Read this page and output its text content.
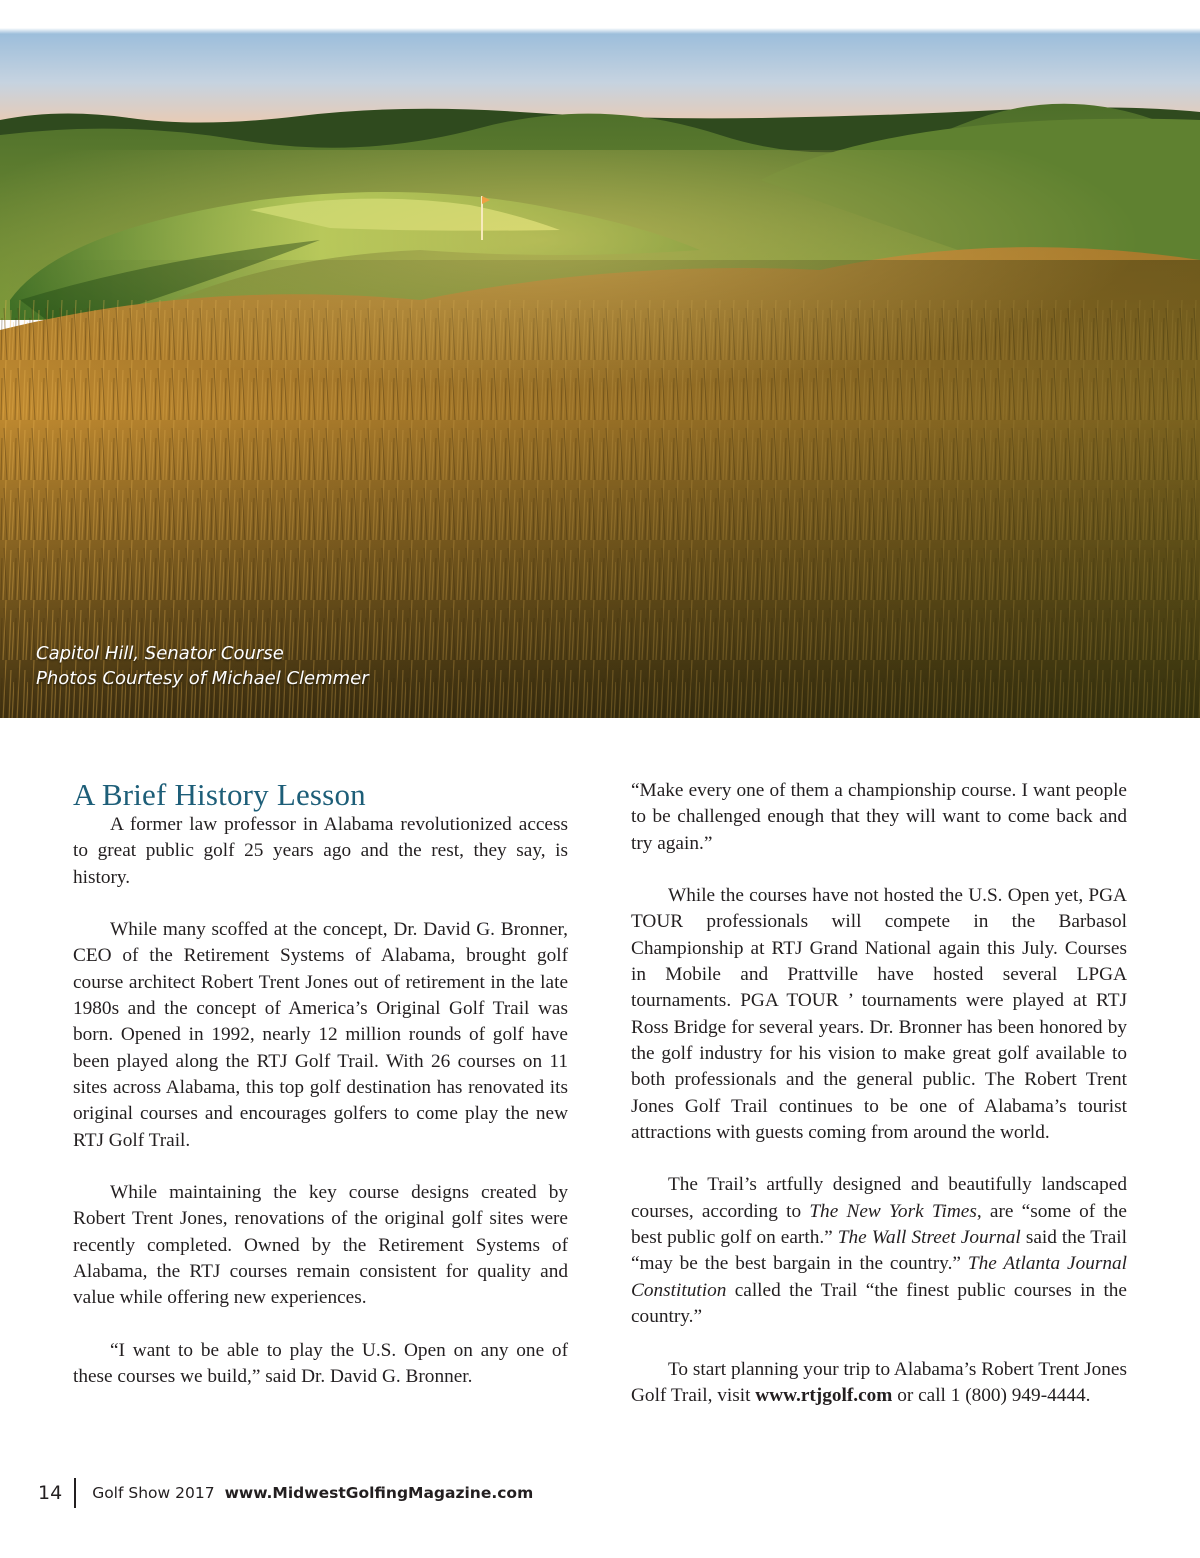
Capitol Hill, Senator Course
Photos Courtesy of Michael Clemmer
A Brief History Lesson

A former law professor in Alabama revolutionized access to great public golf 25 years ago and the rest, they say, is history.

While many scoffed at the concept, Dr. David G. Bronner, CEO of the Retirement Systems of Alabama, brought golf course architect Robert Trent Jones out of retirement in the late 1980s and the concept of America’s Original Golf Trail was born. Opened in 1992, nearly 12 million rounds of golf have been played along the RTJ Golf Trail. With 26 courses on 11 sites across Alabama, this top golf destination has renovated its original courses and encourages golfers to come play the new RTJ Golf Trail.

While maintaining the key course designs created by Robert Trent Jones, renovations of the original golf sites were recently completed. Owned by the Retirement Systems of Alabama, the RTJ courses remain consistent for quality and value while offering new experiences.

“I want to be able to play the U.S. Open on any one of these courses we build,” said Dr. David G. Bronner.

“Make every one of them a championship course. I want people to be challenged enough that they will want to come back and try again.”

While the courses have not hosted the U.S. Open yet, PGA TOUR professionals will compete in the Barbasol Championship at RTJ Grand National again this July. Courses in Mobile and Prattville have hosted several LPGA tournaments. PGA TOUR ’ tournaments were played at RTJ Ross Bridge for several years. Dr. Bronner has been honored by the golf industry for his vision to make great golf available to both professionals and the general public. The Robert Trent Jones Golf Trail continues to be one of Alabama’s tourist attractions with guests coming from around the world.

The Trail’s artfully designed and beautifully landscaped courses, according to The New York Times, are “some of the best public golf on earth.” The Wall Street Journal said the Trail “may be the best bargain in the country.” The Atlanta Journal Constitution called the Trail “the finest public courses in the country.”

To start planning your trip to Alabama’s Robert Trent Jones Golf Trail, visit www.rtjgolf.com or call 1 (800) 949-4444.

14 Golf Show 2017 www.MidwestGolfingMagazine.com
